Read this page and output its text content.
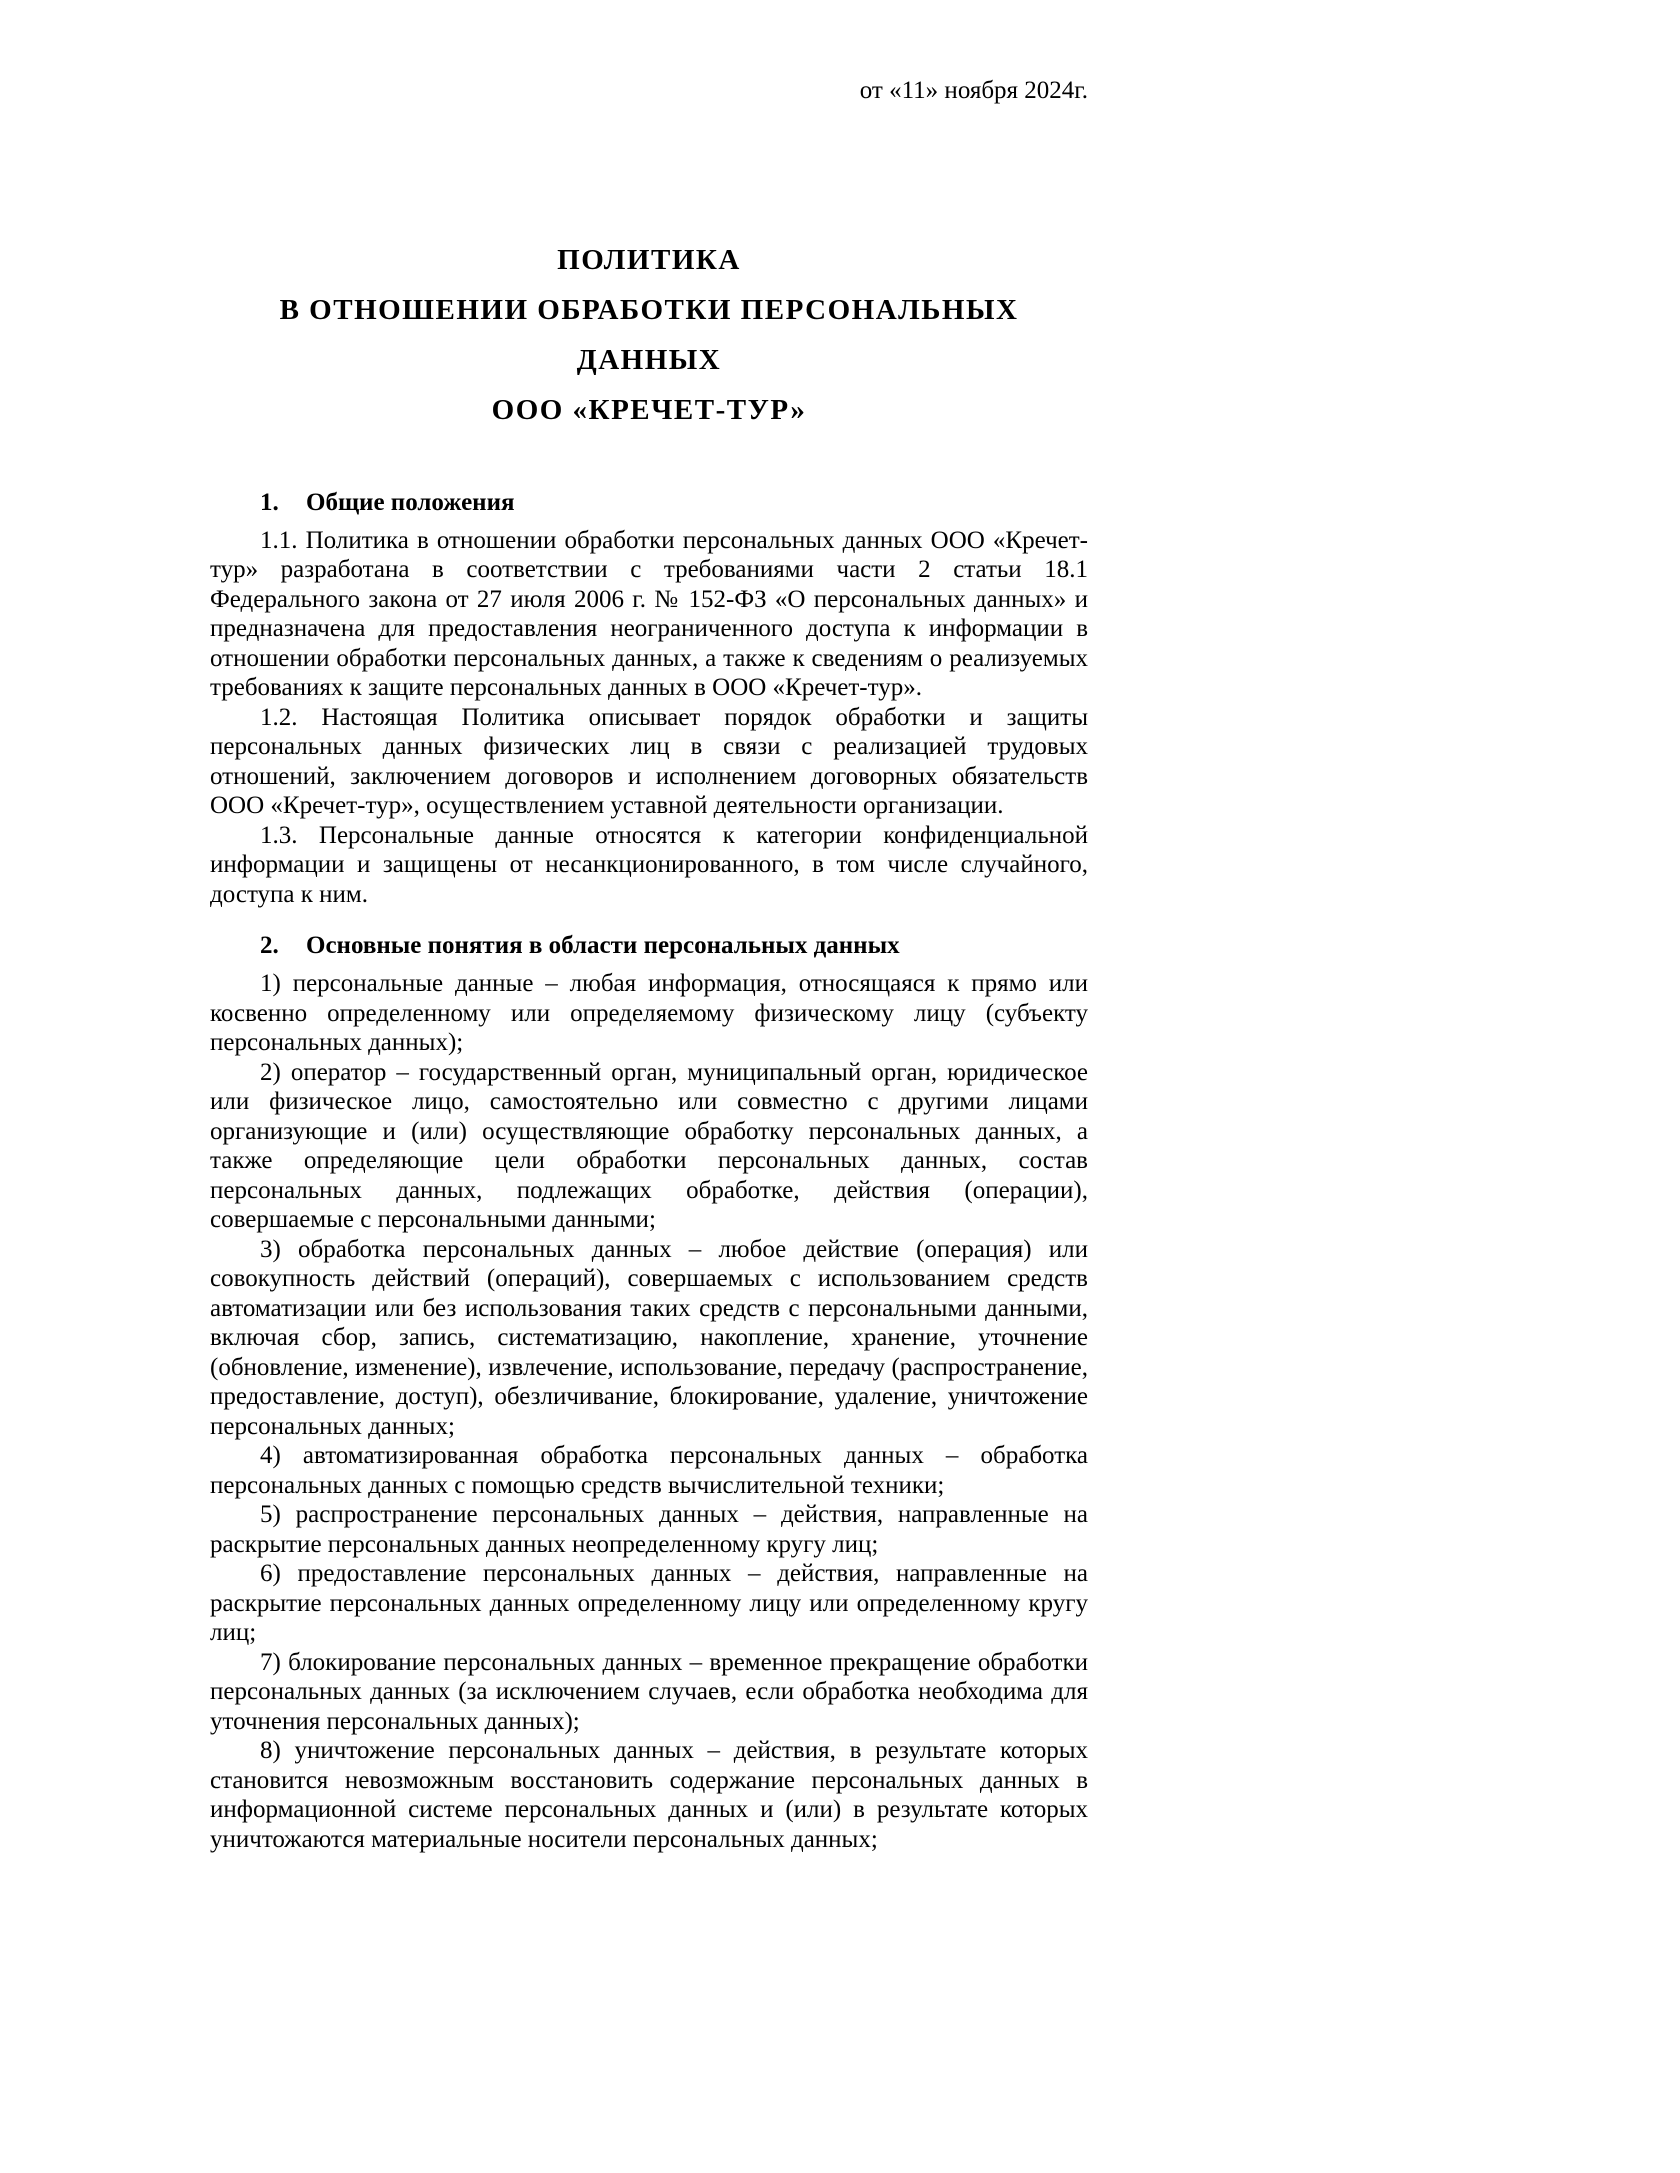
от «11» ноября 2024г.
ПОЛИТИКА
В ОТНОШЕНИИ ОБРАБОТКИ ПЕРСОНАЛЬНЫХ ДАННЫХ
ООО «КРЕЧЕТ-ТУР»
1. Общие положения

1.1. Политика в отношении обработки персональных данных ООО «Кречет-тур» разработана в соответствии с требованиями части 2 статьи 18.1 Федерального закона от 27 июля 2006 г. № 152-ФЗ «О персональных данных» и предназначена для предоставления неограниченного доступа к информации в отношении обработки персональных данных, а также к сведениям о реализуемых требованиях к защите персональных данных в ООО «Кречет-тур».

1.2. Настоящая Политика описывает порядок обработки и защиты персональных данных физических лиц в связи с реализацией трудовых отношений, заключением договоров и исполнением договорных обязательств ООО «Кречет-тур», осуществлением уставной деятельности организации.

1.3. Персональные данные относятся к категории конфиденциальной информации и защищены от несанкционированного, в том числе случайного, доступа к ним.

2. Основные понятия в области персональных данных

1) персональные данные – любая информация, относящаяся к прямо или косвенно определенному или определяемому физическому лицу (субъекту персональных данных);

2) оператор – государственный орган, муниципальный орган, юридическое или физическое лицо, самостоятельно или совместно с другими лицами организующие и (или) осуществляющие обработку персональных данных, а также определяющие цели обработки персональных данных, состав персональных данных, подлежащих обработке, действия (операции), совершаемые с персональными данными;

3) обработка персональных данных – любое действие (операция) или совокупность действий (операций), совершаемых с использованием средств автоматизации или без использования таких средств с персональными данными, включая сбор, запись, систематизацию, накопление, хранение, уточнение (обновление, изменение), извлечение, использование, передачу (распространение, предоставление, доступ), обезличивание, блокирование, удаление, уничтожение персональных данных;

4) автоматизированная обработка персональных данных – обработка персональных данных с помощью средств вычислительной техники;

5) распространение персональных данных – действия, направленные на раскрытие персональных данных неопределенному кругу лиц;

6) предоставление персональных данных – действия, направленные на раскрытие персональных данных определенному лицу или определенному кругу лиц;

7) блокирование персональных данных – временное прекращение обработки персональных данных (за исключением случаев, если обработка необходима для уточнения персональных данных);

8) уничтожение персональных данных – действия, в результате которых становится невозможным восстановить содержание персональных данных в информационной системе персональных данных и (или) в результате которых уничтожаются материальные носители персональных данных;
